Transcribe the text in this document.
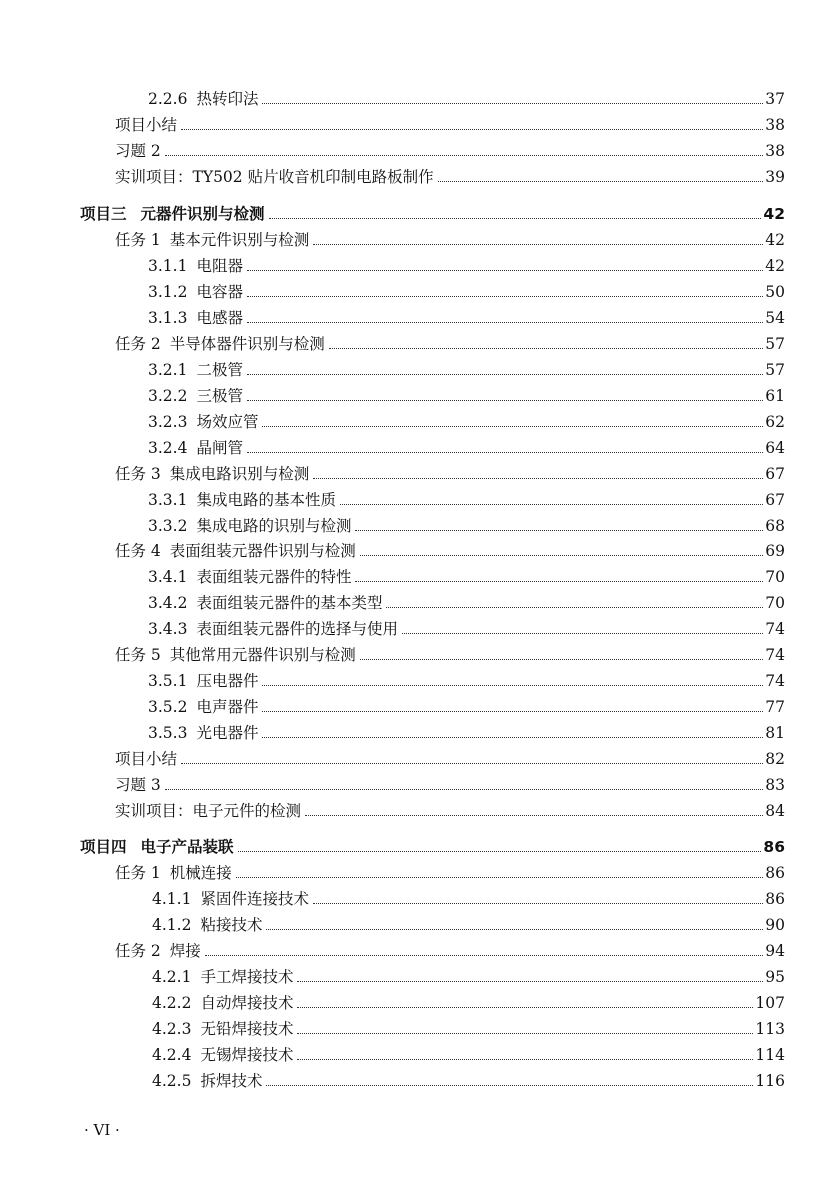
2.2.6 热转印法	37
项目小结	38
习题 2	38
实训项目：TY502 贴片收音机印制电路板制作	39
项目三 元器件识别与检测	42
任务 1 基本元件识别与检测	42
3.1.1 电阻器	42
3.1.2 电容器	50
3.1.3 电感器	54
任务 2 半导体器件识别与检测	57
3.2.1 二极管	57
3.2.2 三极管	61
3.2.3 场效应管	62
3.2.4 晶闸管	64
任务 3 集成电路识别与检测	67
3.3.1 集成电路的基本性质	67
3.3.2 集成电路的识别与检测	68
任务 4 表面组装元器件识别与检测	69
3.4.1 表面组装元器件的特性	70
3.4.2 表面组装元器件的基本类型	70
3.4.3 表面组装元器件的选择与使用	74
任务 5 其他常用元器件识别与检测	74
3.5.1 压电器件	74
3.5.2 电声器件	77
3.5.3 光电器件	81
项目小结	82
习题 3	83
实训项目：电子元件的检测	84
项目四 电子产品装联	86
任务 1 机械连接	86
4.1.1 紧固件连接技术	86
4.1.2 粘接技术	90
任务 2 焊接	94
4.2.1 手工焊接技术	95
4.2.2 自动焊接技术	107
4.2.3 无铅焊接技术	113
4.2.4 无锡焊接技术	114
4.2.5 拆焊技术	116
· VI ·
